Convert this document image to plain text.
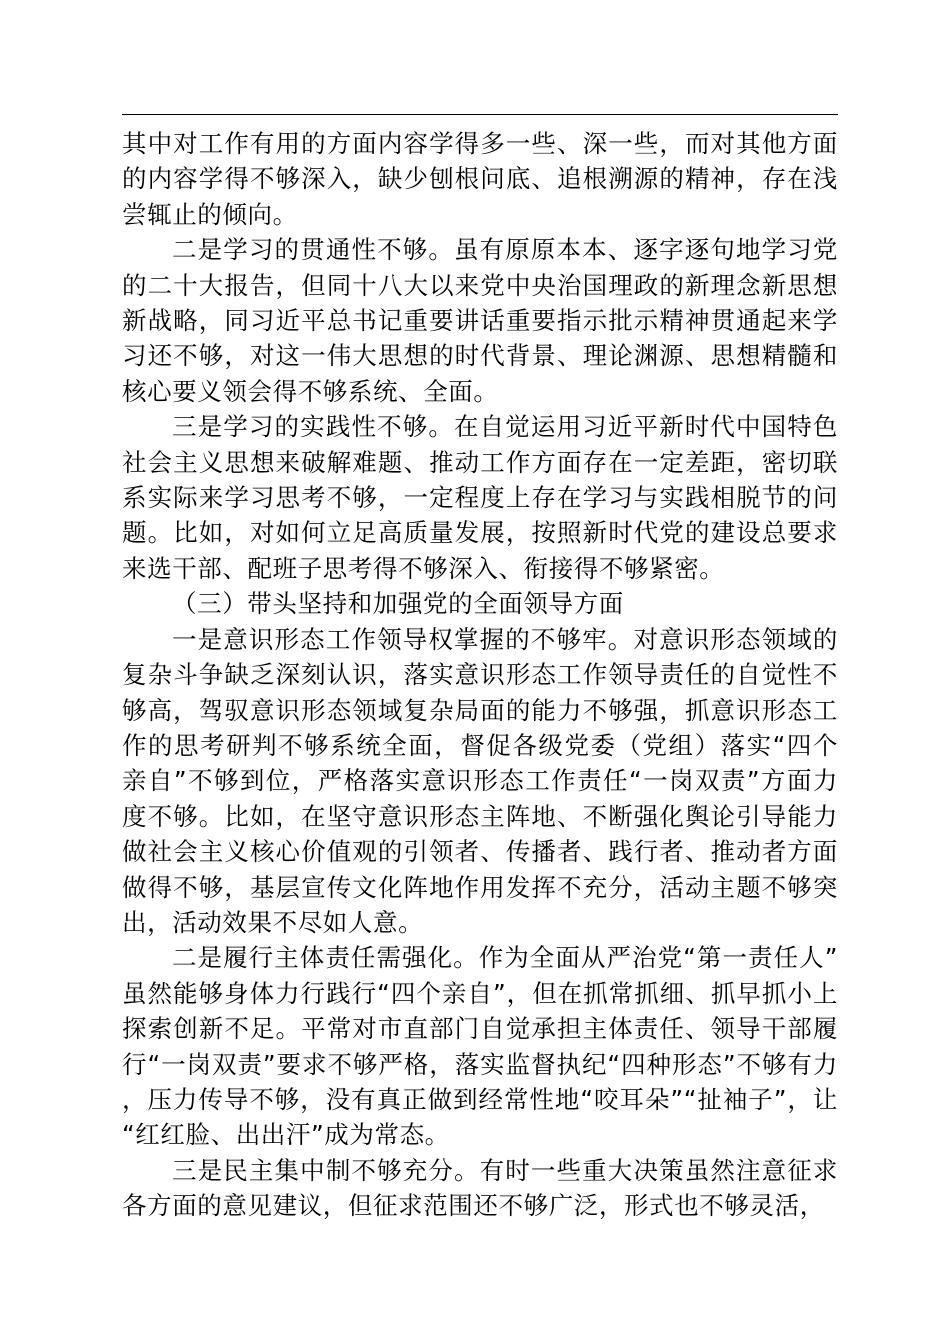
其中对工作有用的方面内容学得多一些、深一些，而对其他方面的内容学得不够深入，缺少刨根问底、追根溯源的精神，存在浅尝辄止的倾向。

二是学习的贯通性不够。虽有原原本本、逐字逐句地学习党的二十大报告，但同十八大以来党中央治国理政的新理念新思想新战略，同习近平总书记重要讲话重要指示批示精神贯通起来学习还不够，对这一伟大思想的时代背景、理论渊源、思想精髓和核心要义领会得不够系统、全面。

三是学习的实践性不够。在自觉运用习近平新时代中国特色社会主义思想来破解难题、推动工作方面存在一定差距，密切联系实际来学习思考不够，一定程度上存在学习与实践相脱节的问题。比如，对如何立足高质量发展，按照新时代党的建设总要求来选干部、配班子思考得不够深入、衔接得不够紧密。

（三）带头坚持和加强党的全面领导方面

一是意识形态工作领导权掌握的不够牢。对意识形态领域的复杂斗争缺乏深刻认识，落实意识形态工作领导责任的自觉性不够高，驾驭意识形态领域复杂局面的能力不够强，抓意识形态工作的思考研判不够系统全面，督促各级党委（党组）落实“四个亲自”不够到位，严格落实意识形态工作责任“一岗双责”方面力度不够。比如，在坚守意识形态主阵地、不断强化舆论引导能力做社会主义核心价值观的引领者、传播者、践行者、推动者方面做得不够，基层宣传文化阵地作用发挥不充分，活动主题不够突出，活动效果不尽如人意。

二是履行主体责任需强化。作为全面从严治党“第一责任人”虽然能够身体力行践行“四个亲自”，但在抓常抓细、抓早抓小上探索创新不足。平常对市直部门自觉承担主体责任、领导干部履行“一岗双责”要求不够严格，落实监督执纪“四种形态”不够有力，压力传导不够，没有真正做到经常性地“咬耳朵”“扯袖子”，让“红红脸、出出汗”成为常态。

三是民主集中制不够充分。有时一些重大决策虽然注意征求各方面的意见建议，但征求范围还不够广泛，形式也不够灵活，
